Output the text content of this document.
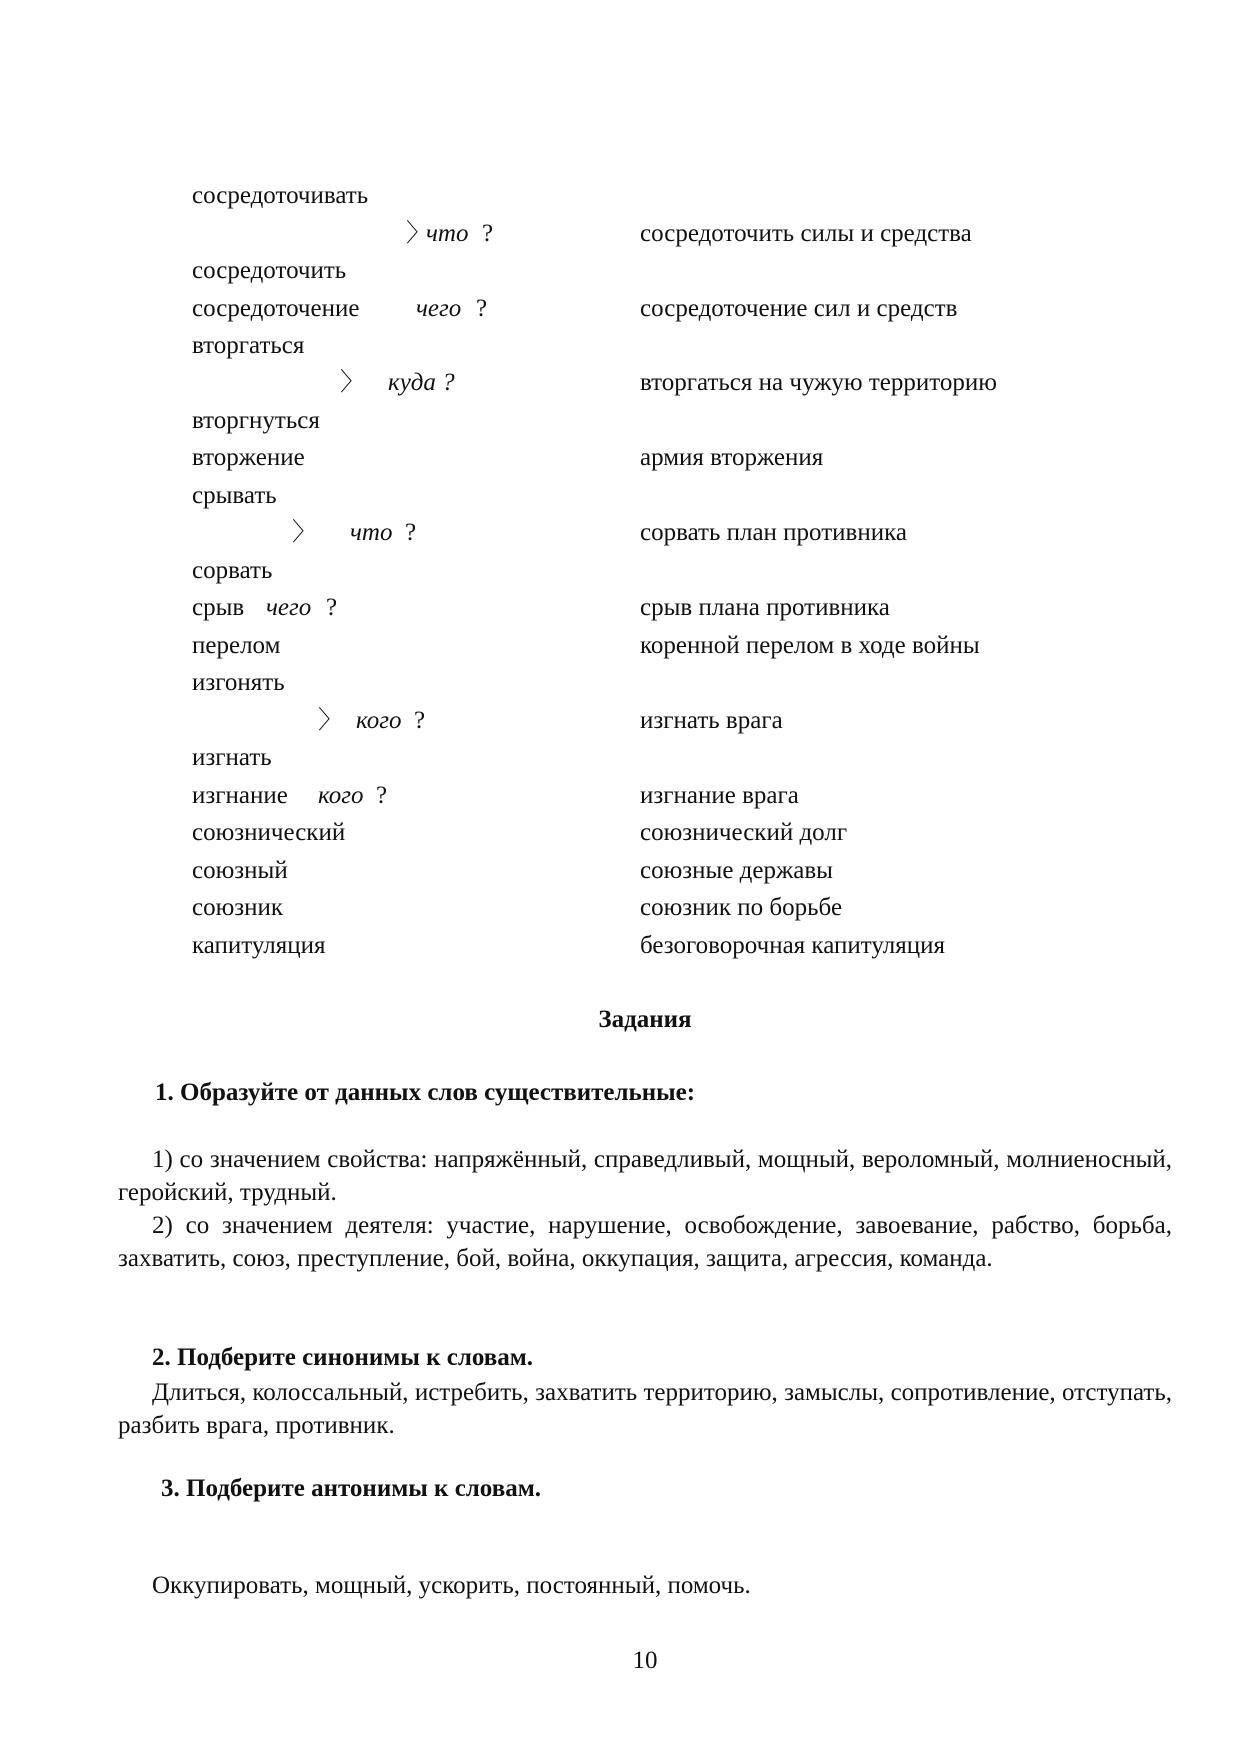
сосредоточивать
сосредоточить
сосредоточение
вторгаться
вторгнуться
вторжение
срывать
сорвать
срыв
перелом
изгонять
изгнать
изгнание
союзнический
союзный
союзник
капитуляция
〉
что ?
чего ?
〉 куда ?
〉 что ?
чего ?
〉 кого ?
кого ?
сосредоточить силы и средства
сосредоточение сил и средств
вторгаться на чужую территорию
армия вторжения
сорвать план противника
срыв плана противника
коренной перелом в ходе войны
изгнать врага
изгнание врага
союзнический долг
союзные державы
союзник по борьбе
безоговорочная капитуляция
Задания
1. Образуйте от данных слов существительные:
1) со значением свойства: напряжённый, справедливый, мощный, вероломный, молниеносный, геройский, трудный.
2) со значением деятеля: участие, нарушение, освобождение, завоевание, рабство, борьба, захватить, союз, преступление, бой, война, оккупация, защита, агрессия, команда.
2. Подберите синонимы к словам.
Длиться, колоссальный, истребить, захватить территорию, замыслы, сопротивление, отступать, разбить врага, противник.
3. Подберите антонимы к словам.
Оккупировать, мощный, ускорить, постоянный, помочь.
10
